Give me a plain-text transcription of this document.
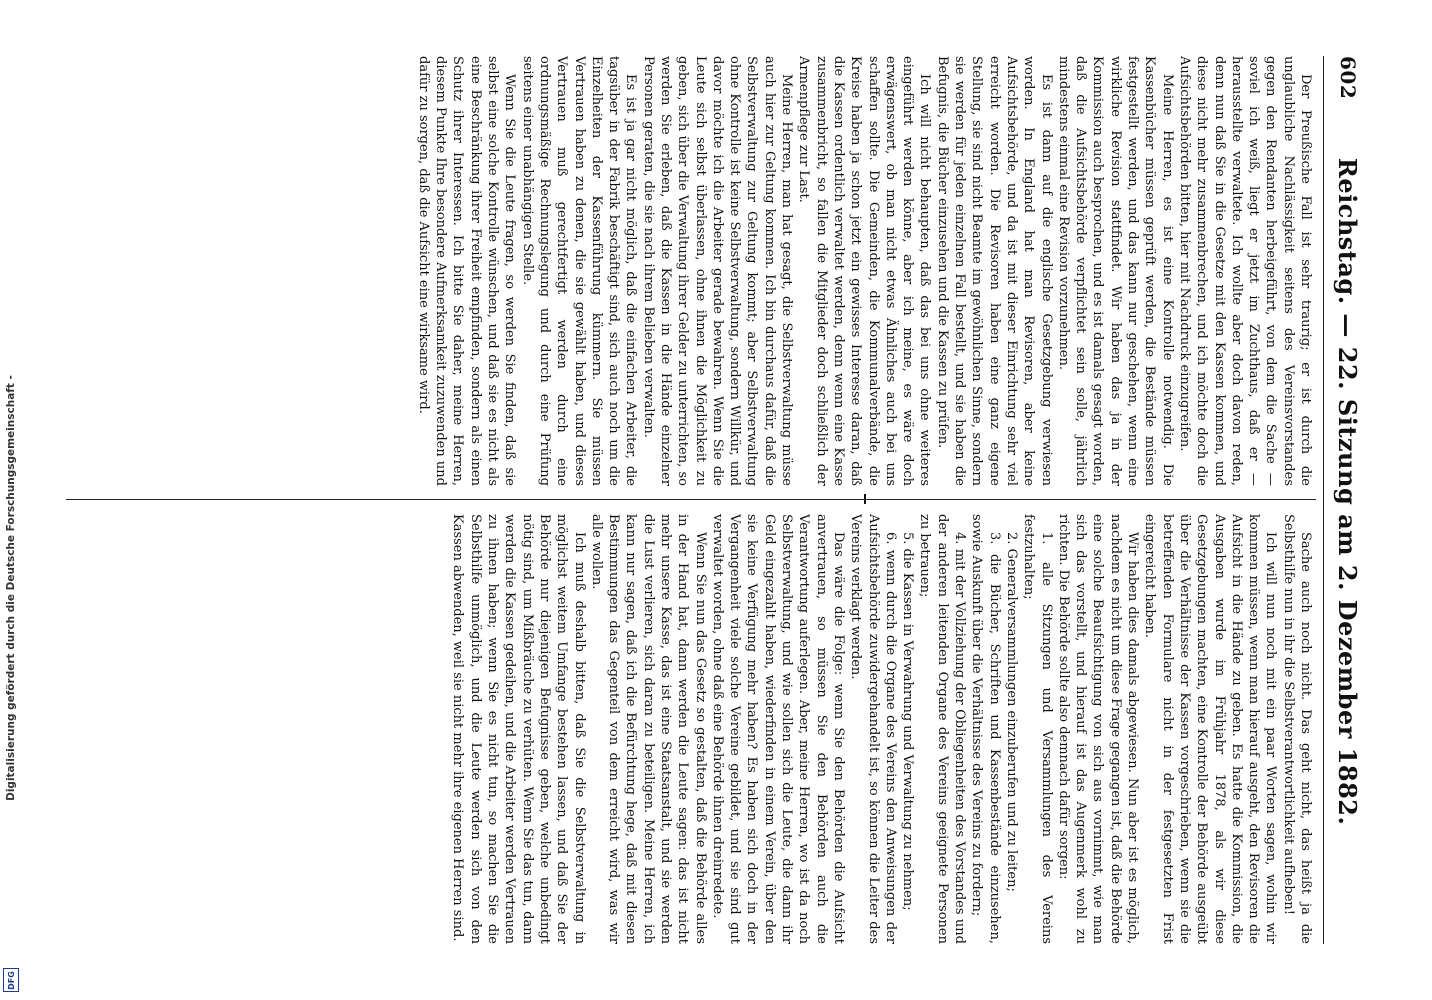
602
Reichstag. — 22. Sitzung am 2. Dezember 1882.

Der Preußische Fall ist sehr traurig; er ist durch die unglaubliche Nachlässigkeit seitens des Vereinsvorstandes gegen den Rendanten herbeigeführt, von dem die Sache — soviel ich weiß, liegt er jetzt im Zuchthaus, daß er — herausstellte verwaltete. Ich wollte aber doch davon reden, denn nun daß Sie in die Gesetze mit den Kassen kommen, und diese nicht mehr zusammenbrechen, und ich möchte doch die Aufsichtsbehörden bitten, hier mit Nachdruck einzugreifen.

Meine Herren, es ist eine Kontrolle notwendig. Die Kassenbücher müssen geprüft werden, die Bestände müssen festgestellt werden, und das kann nur geschehen, wenn eine wirkliche Revision stattfindet. Wir haben das ja in der Kommission auch besprochen, und es ist damals gesagt worden, daß die Aufsichtsbehörde verpflichtet sein solle, jährlich mindestens einmal eine Revision vorzunehmen.

Es ist dann auf die englische Gesetzgebung verwiesen worden. In England hat man Revisoren, aber keine Aufsichtsbehörde, und da ist mit dieser Einrichtung sehr viel erreicht worden. Die Revisoren haben eine ganz eigene Stellung, sie sind nicht Beamte im gewöhnlichen Sinne, sondern sie werden für jeden einzelnen Fall bestellt, und sie haben die Befugnis, die Bücher einzusehen und die Kassen zu prüfen.

Ich will nicht behaupten, daß das bei uns ohne weiteres eingeführt werden könne, aber ich meine, es wäre doch erwägenswert, ob man nicht etwas Ähnliches auch bei uns schaffen sollte. Die Gemeinden, die Kommunalverbände, die Kreise haben ja schon jetzt ein gewisses Interesse daran, daß die Kassen ordentlich verwaltet werden, denn wenn eine Kasse zusammenbricht, so fallen die Mitglieder doch schließlich der Armenpflege zur Last.

Meine Herren, man hat gesagt, die Selbstverwaltung müsse auch hier zur Geltung kommen. Ich bin durchaus dafür, daß die Selbstverwaltung zur Geltung kommt; aber Selbstverwaltung ohne Kontrolle ist keine Selbstverwaltung, sondern Willkür, und davor möchte ich die Arbeiter gerade bewahren. Wenn Sie die Leute sich selbst überlassen, ohne ihnen die Möglichkeit zu geben, sich über die Verwaltung ihrer Gelder zu unterrichten, so werden Sie erleben, daß die Kassen in die Hände einzelner Personen geraten, die sie nach ihrem Belieben verwalten.

Es ist ja gar nicht möglich, daß die einfachen Arbeiter, die tagsüber in der Fabrik beschäftigt sind, sich auch noch um die Einzelheiten der Kassenführung kümmern. Sie müssen Vertrauen haben zu denen, die sie gewählt haben, und dieses Vertrauen muß gerechtfertigt werden durch eine ordnungsmäßige Rechnungslegung und durch eine Prüfung seitens einer unabhängigen Stelle.

Wenn Sie die Leute fragen, so werden Sie finden, daß sie selbst eine solche Kontrolle wünschen, und daß sie es nicht als eine Beschränkung ihrer Freiheit empfinden, sondern als einen Schutz ihrer Interessen. Ich bitte Sie daher, meine Herren, diesem Punkte Ihre besondere Aufmerksamkeit zuzuwenden und dafür zu sorgen, daß die Aufsicht eine wirksame wird.

Sache auch noch nicht. Das geht nicht, das heißt ja die Selbsthilfe nun in ihr die Selbstverantwortlichkeit aufheben!

Ich will nun noch mit ein paar Worten sagen, wohin wir kommen müssen, wenn man hierauf ausgeht, den Revisoren die Aufsicht in die Hände zu geben. Es hatte die Kommission, die Ausgaben wurde im Frühjahr 1878, als wir diese Gesetzgebungen machten, eine Kontrolle der Behörde ausgeübt über die Verhältnisse der Kassen vorgeschrieben, wenn sie die betreffenden Formulare nicht in der festgesetzten Frist eingereicht haben.

Wir haben dies damals abgewiesen. Nun aber ist es möglich, nachdem es nicht um diese Frage gegangen ist, daß die Behörde eine solche Beaufsichtigung von sich aus vornimmt, wie man sich das vorstellt, und hierauf ist das Augenmerk wohl zu richten. Die Behörde sollte also demnach dafür sorgen:

1. alle Sitzungen und Versammlungen des Vereins festzuhalten;

2. Generalversammlungen einzuberufen und zu leiten;

3. die Bücher, Schriften und Kassenbestände einzusehen, sowie Auskunft über die Verhältnisse des Vereins zu fordern;

4. mit der Vollziehung der Obliegenheiten des Vorstandes und der anderen leitenden Organe des Vereins geeignete Personen zu betrauen;

5. die Kassen in Verwahrung und Verwaltung zu nehmen;

6. wenn durch die Organe des Vereins den Anweisungen der Aufsichtsbehörde zuwidergehandelt ist, so können die Leiter des Vereins verklagt werden.

Das wäre die Folge: wenn Sie den Behörden die Aufsicht anvertrauen, so müssen Sie den Behörden auch die Verantwortung auferlegen. Aber, meine Herren, wo ist da noch Selbstverwaltung, und wie sollen sich die Leute, die dann ihr Geld eingezahlt haben, wiederfinden in einem Verein, über den sie keine Verfügung mehr haben? Es haben sich doch in der Vergangenheit viele solche Vereine gebildet, und sie sind gut verwaltet worden, ohne daß eine Behörde ihnen dreinredete.

Wenn Sie nun das Gesetz so gestalten, daß die Behörde alles in der Hand hat, dann werden die Leute sagen: das ist nicht mehr unsere Kasse, das ist eine Staatsanstalt, und sie werden die Lust verlieren, sich daran zu beteiligen. Meine Herren, ich kann nur sagen, daß ich die Befürchtung hege, daß mit diesen Bestimmungen das Gegenteil von dem erreicht wird, was wir alle wollen.

Ich muß deshalb bitten, daß Sie die Selbstverwaltung in möglichst weitem Umfange bestehen lassen, und daß Sie der Behörde nur diejenigen Befugnisse geben, welche unbedingt nötig sind, um Mißbräuche zu verhüten. Wenn Sie das tun, dann werden die Kassen gedeihen, und die Arbeiter werden Vertrauen zu ihnen haben; wenn Sie es nicht tun, so machen Sie die Selbsthilfe unmöglich, und die Leute werden sich von den Kassen abwenden, weil sie nicht mehr ihre eigenen Herren sind.

Digitalisierung gefördert durch die Deutsche Forschungsgemeinschaft -
DFG
